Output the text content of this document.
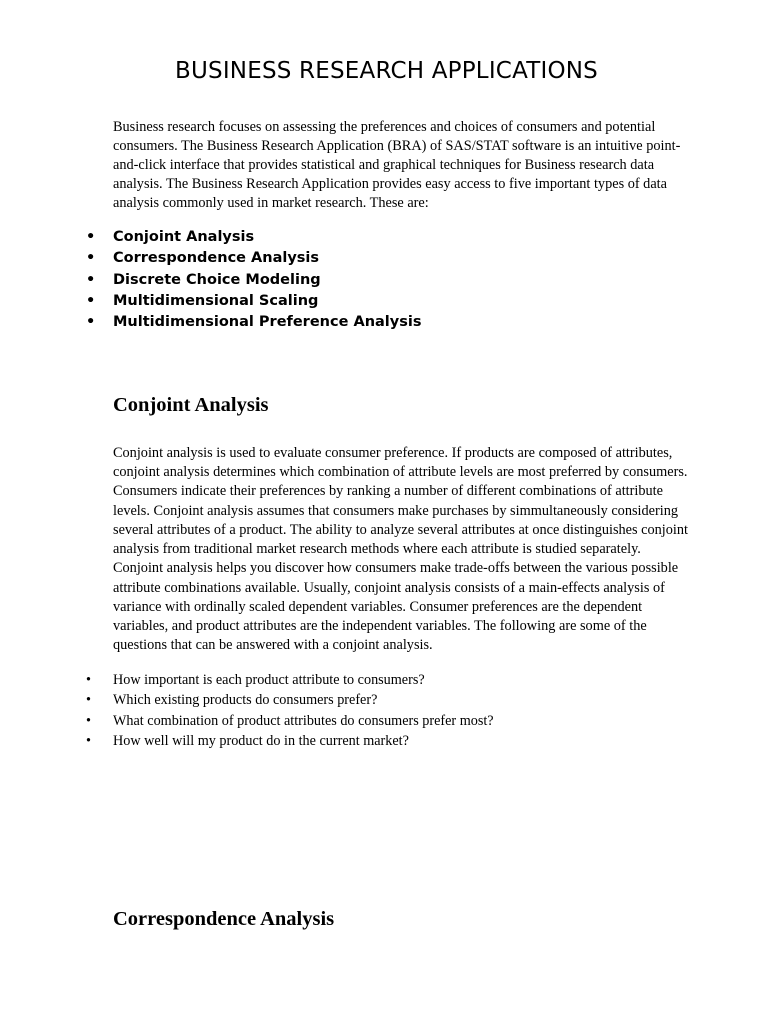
BUSINESS RESEARCH APPLICATIONS

Business research focuses on assessing the preferences and choices of consumers and potential consumers. The Business Research Application (BRA) of SAS/STAT software is an intuitive point-and-click interface that provides statistical and graphical techniques for Business research data analysis. The Business Research Application provides easy access to five important types of data analysis commonly used in market research. These are:

• Conjoint Analysis
• Correspondence Analysis
• Discrete Choice Modeling
• Multidimensional Scaling
• Multidimensional Preference Analysis
Conjoint Analysis

Conjoint analysis is used to evaluate consumer preference. If products are composed of attributes, conjoint analysis determines which combination of attribute levels are most preferred by consumers. Consumers indicate their preferences by ranking a number of different combinations of attribute levels. Conjoint analysis assumes that consumers make purchases by simmultaneously considering several attributes of a product. The ability to analyze several attributes at once distinguishes conjoint analysis from traditional market research methods where each attribute is studied separately. Conjoint analysis helps you discover how consumers make trade-offs between the various possible attribute combinations available. Usually, conjoint analysis consists of a main-effects analysis of variance with ordinally scaled dependent variables. Consumer preferences are the dependent variables, and product attributes are the independent variables. The following are some of the questions that can be answered with a conjoint analysis.

• How important is each product attribute to consumers?
• Which existing products do consumers prefer?
• What combination of product attributes do consumers prefer most?
• How well will my product do in the current market?
Correspondence Analysis
